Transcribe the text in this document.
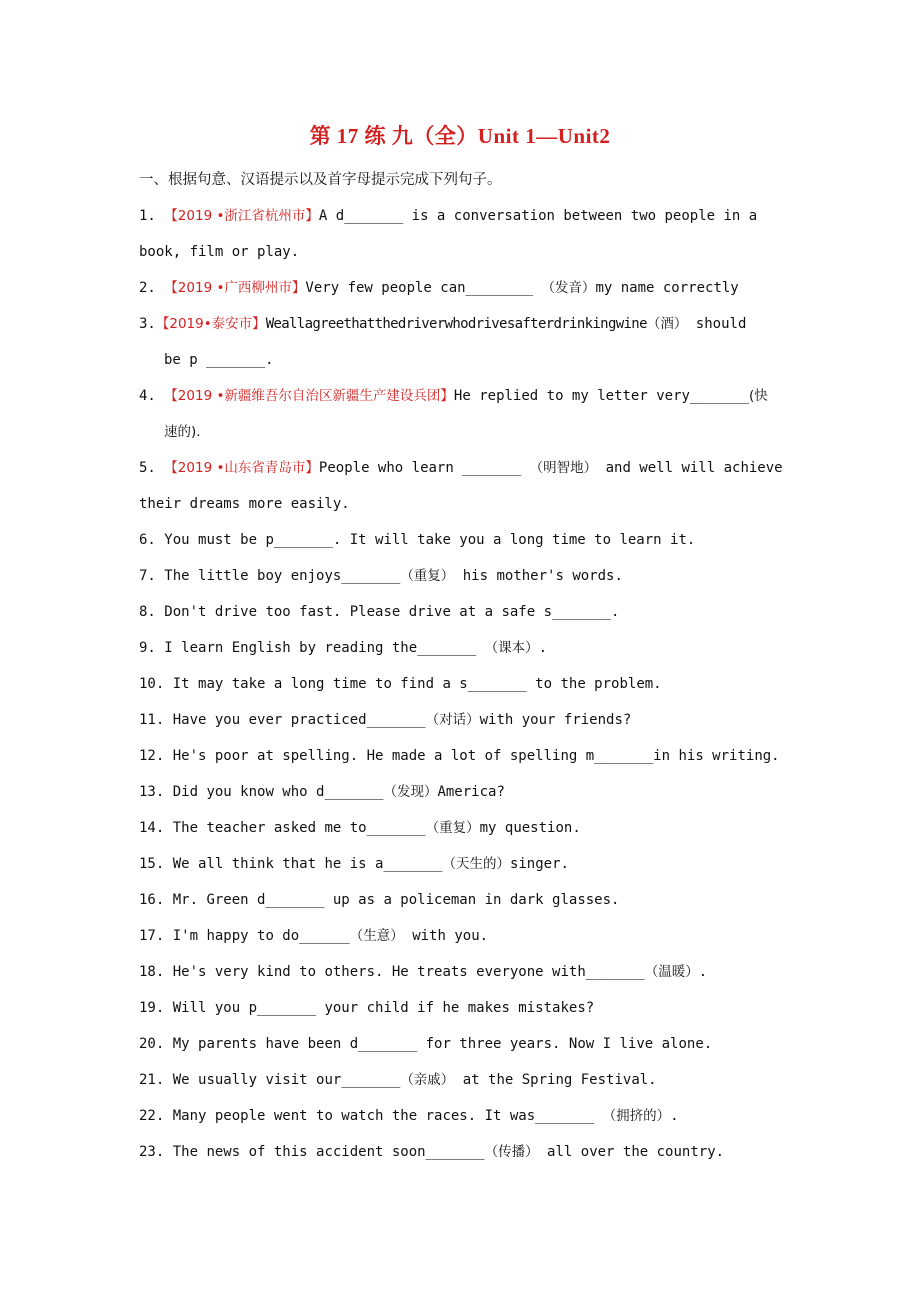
第 17 练 九（全）Unit 1—Unit2
一、根据句意、汉语提示以及首字母提示完成下列句子。
1. 【2019 •浙江省杭州市】A d_______ is a conversation between two people in a
book, film or play.
2. 【2019 •广西柳州市】Very few people can________ （发音）my name correctly
3.【2019•泰安市】Weallagreethatthedriverwhodrivesafterdrinkingwine（酒） should
be p _______.
4. 【2019 •新疆维吾尔自治区新疆生产建设兵团】He replied to my letter very_______(快
速的).
5. 【2019 •山东省青岛市】People who learn _______ （明智地） and well will achieve
their dreams more easily.
6. You must be p_______. It will take you a long time to learn it.
7. The little boy enjoys_______（重复） his mother's words.
8. Don't drive too fast. Please drive at a safe s_______.
9. I learn English by reading the_______ （课本）.
10. It may take a long time to find a s_______ to the problem.
11. Have you ever practiced_______（对话）with your friends?
12. He's poor at spelling. He made a lot of spelling m_______in his writing.
13. Did you know who d_______（发现）America?
14. The teacher asked me to_______（重复）my question.
15. We all think that he is a_______（天生的）singer.
16. Mr. Green d_______ up as a policeman in dark glasses.
17. I'm happy to do______（生意） with you.
18. He's very kind to others. He treats everyone with_______（温暖）.
19. Will you p_______ your child if he makes mistakes?
20. My parents have been d_______ for three years. Now I live alone.
21. We usually visit our_______（亲戚） at the Spring Festival.
22. Many people went to watch the races. It was_______ （拥挤的）.
23. The news of this accident soon_______（传播） all over the country.
